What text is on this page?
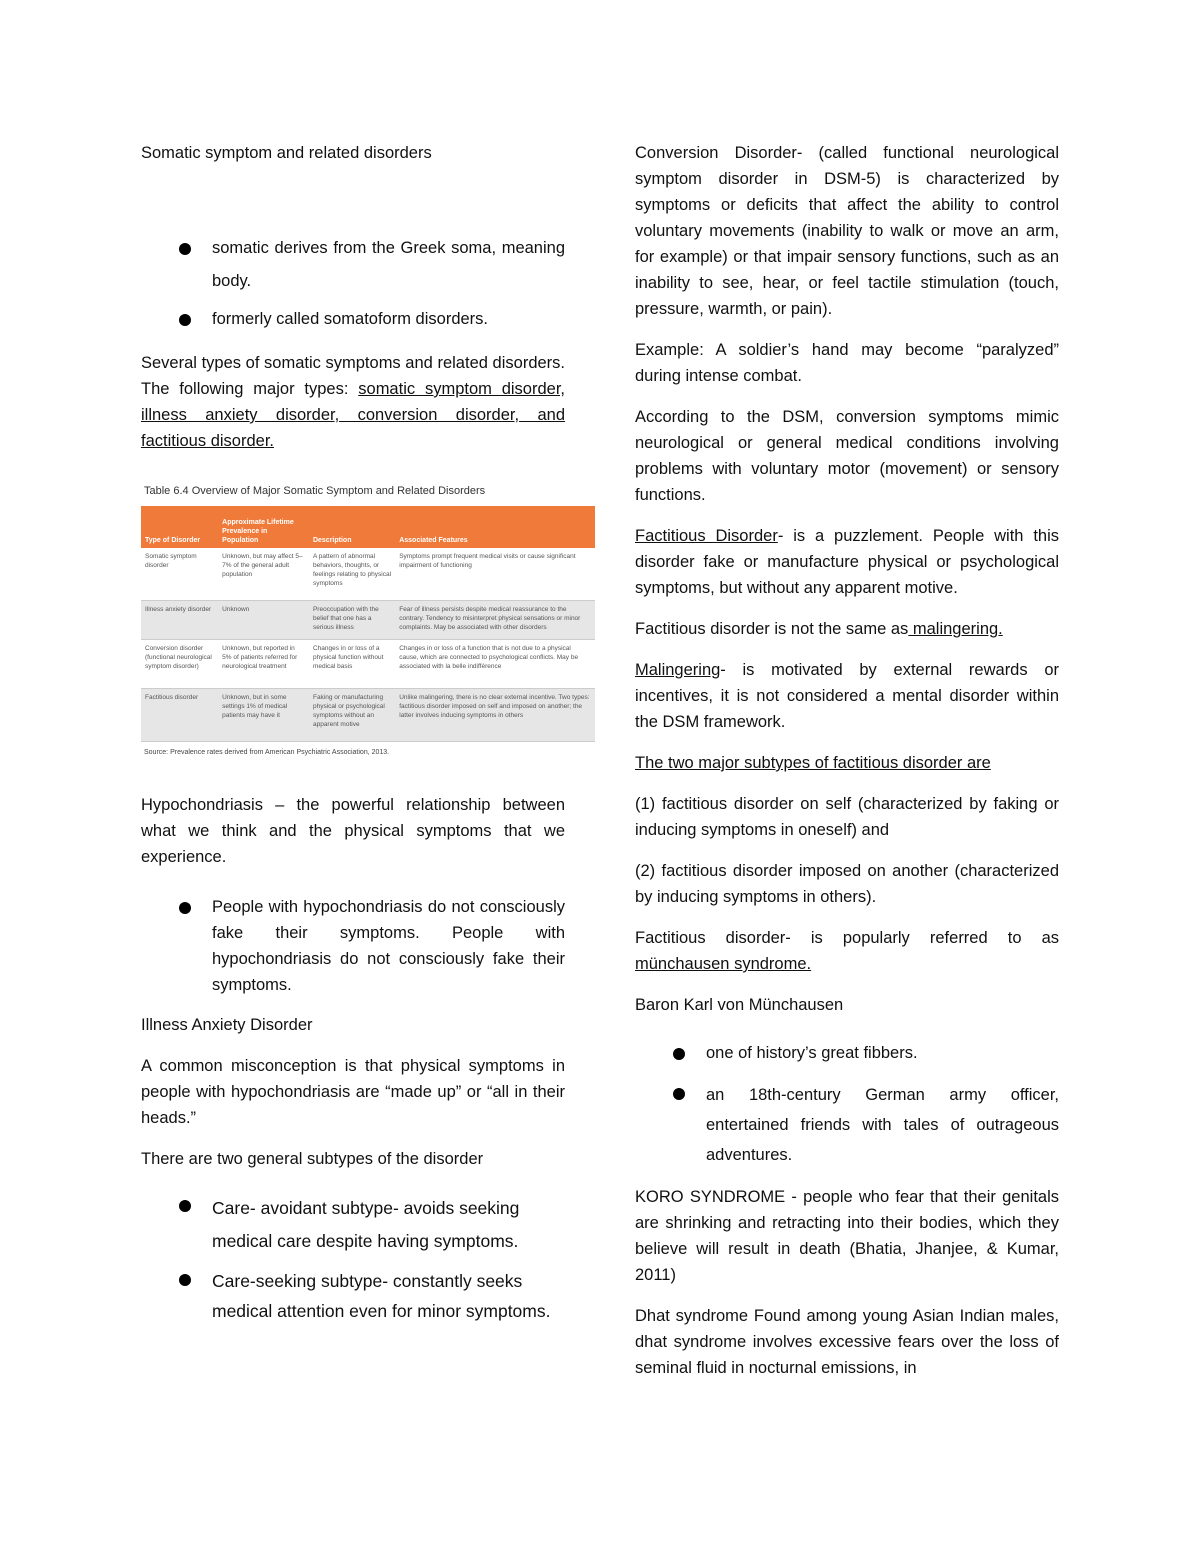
Somatic symptom and related disorders

somatic derives from the Greek soma, meaning body.
formerly called somatoform disorders.

Several types of somatic symptoms and related disorders. The following major types: somatic symptom disorder, illness anxiety disorder, conversion disorder, and factitious disorder.

Table 6.4 Overview of Major Somatic Symptom and Related Disorders
Type of Disorder	Approximate Lifetime Prevalence in Population	Description	Associated Features
Somatic symptom disorder	Unknown, but may affect 5–7% of the general adult population	A pattern of abnormal behaviors, thoughts, or feelings relating to physical symptoms	Symptoms prompt frequent medical visits or cause significant impairment of functioning
Illness anxiety disorder	Unknown	Preoccupation with the belief that one has a serious illness	Fear of illness persists despite medical reassurance to the contrary. Tendency to misinterpret physical sensations or minor complaints. May be associated with other disorders
Conversion disorder (functional neurological symptom disorder)	Unknown, but reported in 5% of patients referred for neurological treatment	Changes in or loss of a physical function without medical basis	Changes in or loss of a function that is not due to a physical cause, which are connected to psychological conflicts. May be associated with la belle indifférence
Factitious disorder	Unknown, but in some settings 1% of medical patients may have it	Faking or manufacturing physical or psychological symptoms without an apparent motive	Unlike malingering, there is no clear external incentive. Two types: factitious disorder imposed on self and imposed on another; the latter involves inducing symptoms in others
Source: Prevalence rates derived from American Psychiatric Association, 2013.

Hypochondriasis – the powerful relationship between what we think and the physical symptoms that we experience.

People with hypochondriasis do not consciously fake their symptoms. People with hypochondriasis do not consciously fake their symptoms.

Illness Anxiety Disorder

A common misconception is that physical symptoms in people with hypochondriasis are “made up” or “all in their heads.”

There are two general subtypes of the disorder

Care- avoidant subtype- avoids seeking medical care despite having symptoms.
Care-seeking subtype- constantly seeks medical attention even for minor symptoms.

Conversion Disorder- (called functional neurological symptom disorder in DSM-5) is characterized by symptoms or deficits that affect the ability to control voluntary movements (inability to walk or move an arm, for example) or that impair sensory functions, such as an inability to see, hear, or feel tactile stimulation (touch, pressure, warmth, or pain).

Example: A soldier’s hand may become “paralyzed” during intense combat.

According to the DSM, conversion symptoms mimic neurological or general medical conditions involving problems with voluntary motor (movement) or sensory functions.

Factitious Disorder- is a puzzlement. People with this disorder fake or manufacture physical or psychological symptoms, but without any apparent motive.

Factitious disorder is not the same as malingering.

Malingering- is motivated by external rewards or incentives, it is not considered a mental disorder within the DSM framework.

The two major subtypes of factitious disorder are

(1) factitious disorder on self (characterized by faking or inducing symptoms in oneself) and

(2) factitious disorder imposed on another (characterized by inducing symptoms in others).

Factitious disorder- is popularly referred to as münchausen syndrome.

Baron Karl von Münchausen

one of history’s great fibbers.
an 18th-century German army officer, entertained friends with tales of outrageous adventures.

KORO SYNDROME - people who fear that their genitals are shrinking and retracting into their bodies, which they believe will result in death (Bhatia, Jhanjee, & Kumar, 2011)

Dhat syndrome Found among young Asian Indian males, dhat syndrome involves excessive fears over the loss of seminal fluid in nocturnal emissions, in
